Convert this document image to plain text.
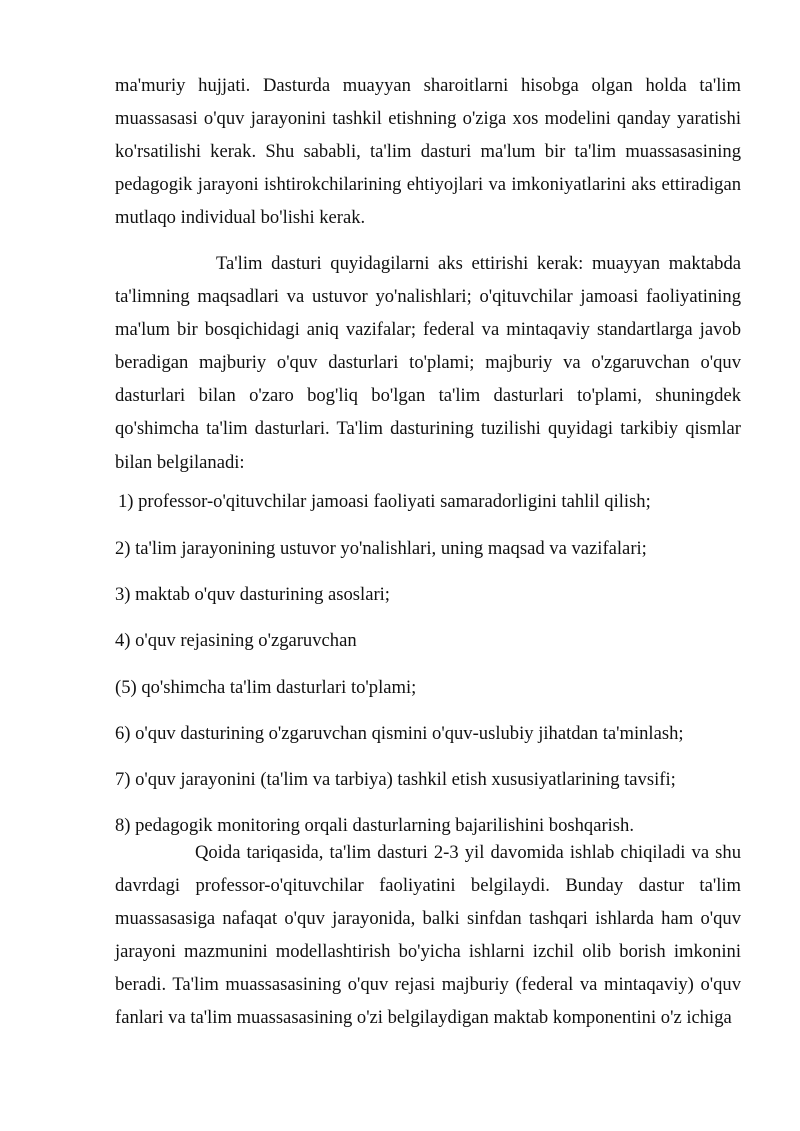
ma'muriy hujjati. Dasturda muayyan sharoitlarni hisobga olgan holda ta'lim muassasasi o'quv jarayonini tashkil etishning o'ziga xos modelini qanday yaratishi ko'rsatilishi kerak. Shu sababli, ta'lim dasturi ma'lum bir ta'lim muassasasining pedagogik jarayoni ishtirokchilarining ehtiyojlari va imkoniyatlarini aks ettiradigan mutlaqo individual bo'lishi kerak.

Ta'lim dasturi quyidagilarni aks ettirishi kerak: muayyan maktabda ta'limning maqsadlari va ustuvor yo'nalishlari; o'qituvchilar jamoasi faoliyatining ma'lum bir bosqichidagi aniq vazifalar; federal va mintaqaviy standartlarga javob beradigan majburiy o'quv dasturlari to'plami; majburiy va o'zgaruvchan o'quv dasturlari bilan o'zaro bog'liq bo'lgan ta'lim dasturlari to'plami, shuningdek qo'shimcha ta'lim dasturlari. Ta'lim dasturining tuzilishi quyidagi tarkibiy qismlar bilan belgilanadi:

1) professor-o'qituvchilar jamoasi faoliyati samaradorligini tahlil qilish;

2) ta'lim jarayonining ustuvor yo'nalishlari, uning maqsad va vazifalari;

3) maktab o'quv dasturining asoslari;

4) o'quv rejasining o'zgaruvchan

(5) qo'shimcha ta'lim dasturlari to'plami;

6) o'quv dasturining o'zgaruvchan qismini o'quv-uslubiy jihatdan ta'minlash;

7) o'quv jarayonini (ta'lim va tarbiya) tashkil etish xususiyatlarining tavsifi;

8) pedagogik monitoring orqali dasturlarning bajarilishini boshqarish.

Qoida tariqasida, ta'lim dasturi 2-3 yil davomida ishlab chiqiladi va shu davrdagi professor-o'qituvchilar faoliyatini belgilaydi. Bunday dastur ta'lim muassasasiga nafaqat o'quv jarayonida, balki sinfdan tashqari ishlarda ham o'quv jarayoni mazmunini modellashtirish bo'yicha ishlarni izchil olib borish imkonini beradi. Ta'lim muassasasining o'quv rejasi majburiy (federal va mintaqaviy) o'quv fanlari va ta'lim muassasasining o'zi belgilaydigan maktab komponentini o'z ichiga
